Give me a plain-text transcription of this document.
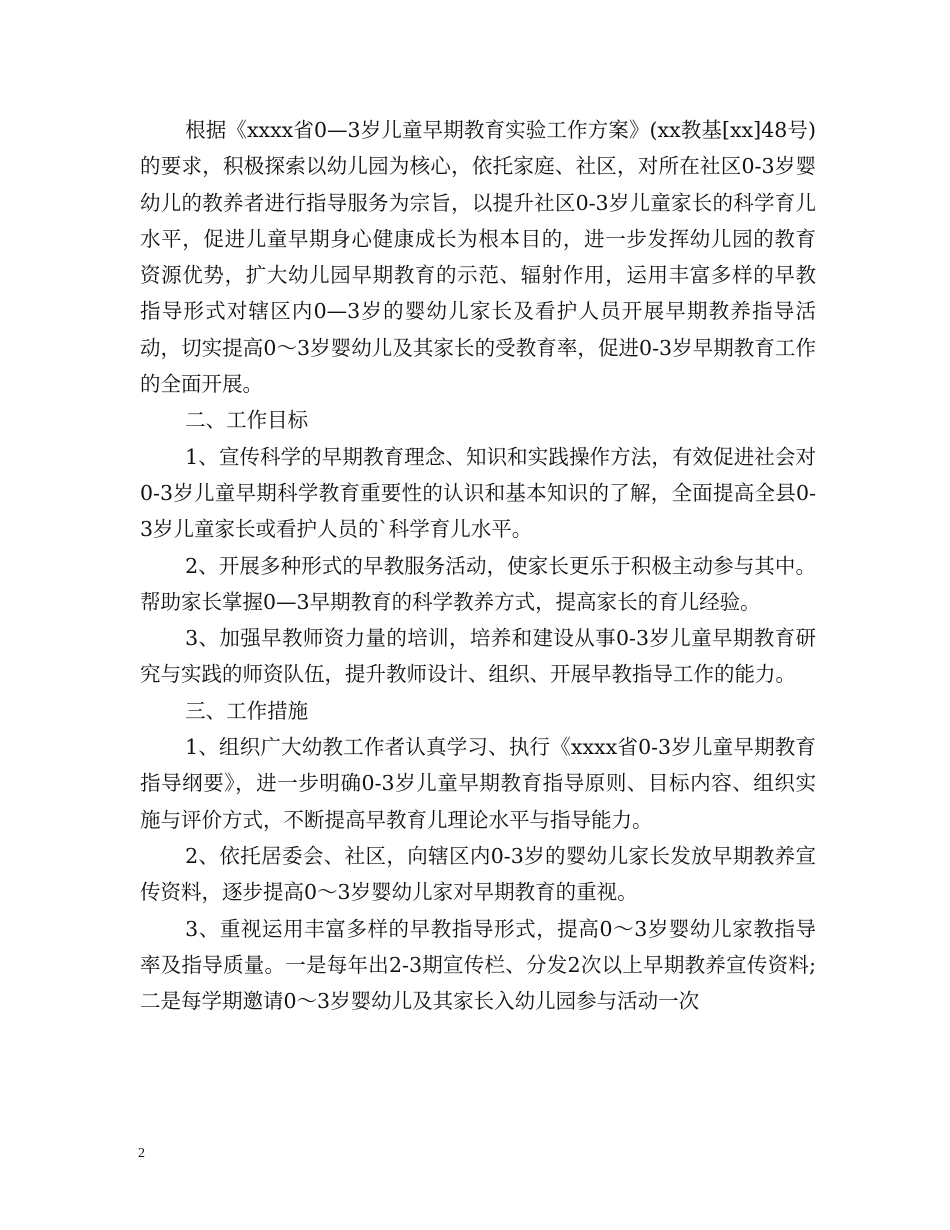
根据《xxxx省0—3岁儿童早期教育实验工作方案》(xx教基[xx]48号)的要求，积极探索以幼儿园为核心，依托家庭、社区，对所在社区0-3岁婴幼儿的教养者进行指导服务为宗旨，以提升社区0-3岁儿童家长的科学育儿水平，促进儿童早期身心健康成长为根本目的，进一步发挥幼儿园的教育资源优势，扩大幼儿园早期教育的示范、辐射作用，运用丰富多样的早教指导形式对辖区内0—3岁的婴幼儿家长及看护人员开展早期教养指导活动，切实提高0～3岁婴幼儿及其家长的受教育率，促进0-3岁早期教育工作的全面开展。

二、工作目标

1、宣传科学的早期教育理念、知识和实践操作方法，有效促进社会对0-3岁儿童早期科学教育重要性的认识和基本知识的了解，全面提高全县0-3岁儿童家长或看护人员的`科学育儿水平。

2、开展多种形式的早教服务活动，使家长更乐于积极主动参与其中。帮助家长掌握0—3早期教育的科学教养方式，提高家长的育儿经验。

3、加强早教师资力量的培训，培养和建设从事0-3岁儿童早期教育研究与实践的师资队伍，提升教师设计、组织、开展早教指导工作的能力。

三、工作措施

1、组织广大幼教工作者认真学习、执行《xxxx省0-3岁儿童早期教育指导纲要》，进一步明确0-3岁儿童早期教育指导原则、目标内容、组织实施与评价方式，不断提高早教育儿理论水平与指导能力。

2、依托居委会、社区，向辖区内0-3岁的婴幼儿家长发放早期教养宣传资料，逐步提高0～3岁婴幼儿家对早期教育的重视。

3、重视运用丰富多样的早教指导形式，提高0～3岁婴幼儿家教指导率及指导质量。一是每年出2-3期宣传栏、分发2次以上早期教养宣传资料;二是每学期邀请0～3岁婴幼儿及其家长入幼儿园参与活动一次

2
